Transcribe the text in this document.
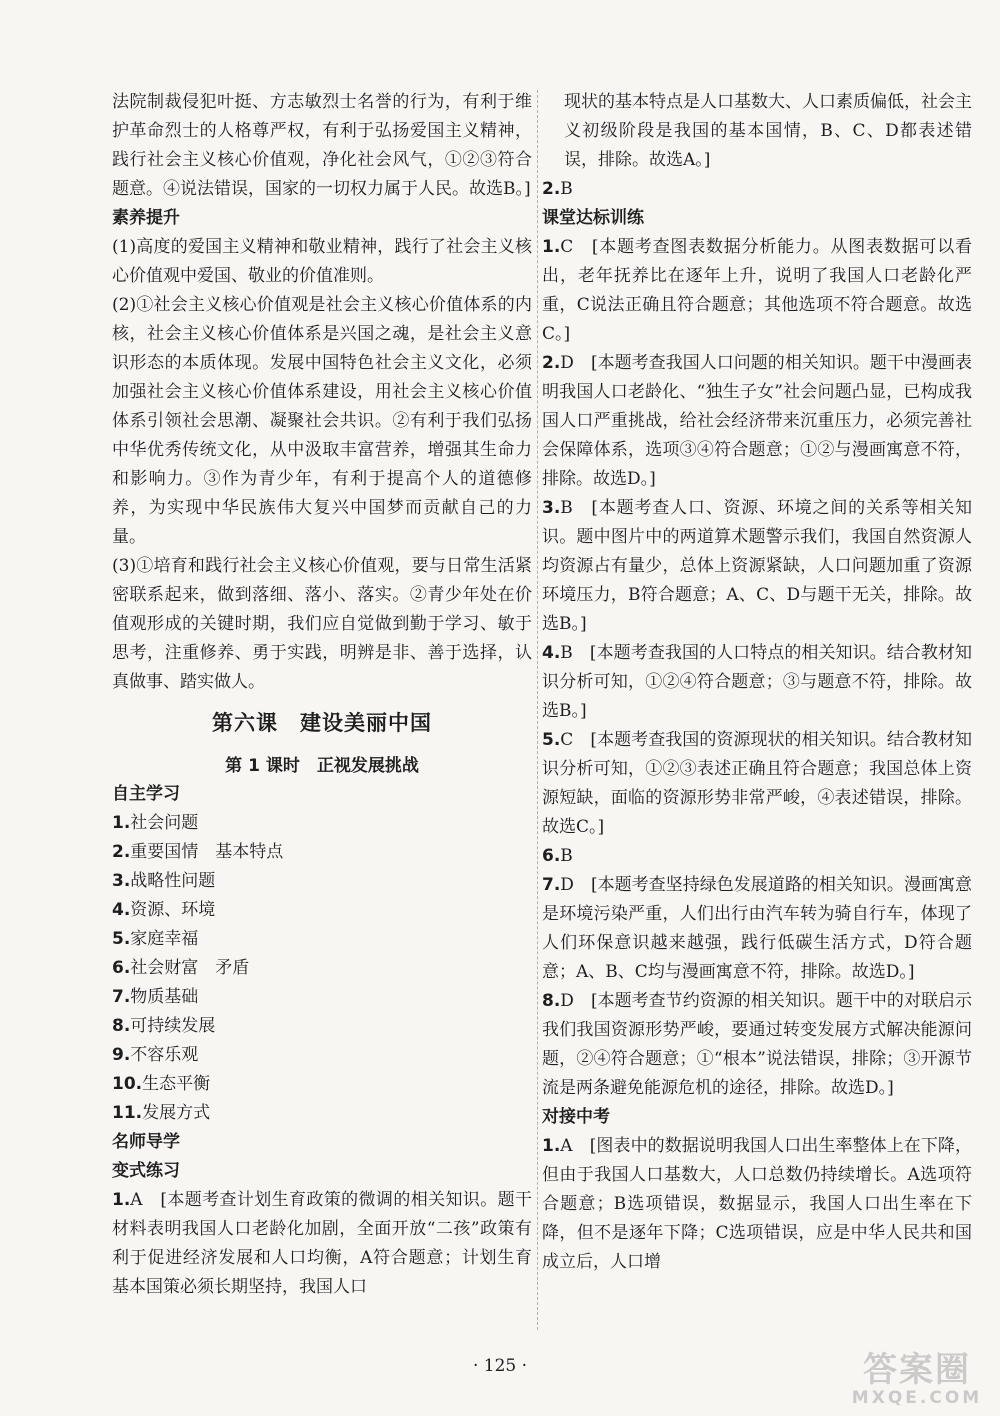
法院制裁侵犯叶挺、方志敏烈士名誉的行为，有利于维护革命烈士的人格尊严权，有利于弘扬爱国主义精神，践行社会主义核心价值观，净化社会风气，①②③符合题意。④说法错误，国家的一切权力属于人民。故选B。]

素养提升

(1)高度的爱国主义精神和敬业精神，践行了社会主义核心价值观中爱国、敬业的价值准则。

(2)①社会主义核心价值观是社会主义核心价值体系的内核，社会主义核心价值体系是兴国之魂，是社会主义意识形态的本质体现。发展中国特色社会主义文化，必须加强社会主义核心价值体系建设，用社会主义核心价值体系引领社会思潮、凝聚社会共识。②有利于我们弘扬中华优秀传统文化，从中汲取丰富营养，增强其生命力和影响力。③作为青少年，有利于提高个人的道德修养，为实现中华民族伟大复兴中国梦而贡献自己的力量。

(3)①培育和践行社会主义核心价值观，要与日常生活紧密联系起来，做到落细、落小、落实。②青少年处在价值观形成的关键时期，我们应自觉做到勤于学习、敏于思考，注重修养、勇于实践，明辨是非、善于选择，认真做事、踏实做人。

第六课　建设美丽中国
第 1 课时　正视发展挑战

自主学习

1.社会问题

2.重要国情　基本特点

3.战略性问题

4.资源、环境

5.家庭幸福

6.社会财富　矛盾

7.物质基础

8.可持续发展

9.不容乐观

10.生态平衡

11.发展方式

名师导学

变式练习

1.A　[本题考查计划生育政策的微调的相关知识。题干材料表明我国人口老龄化加剧，全面开放“二孩”政策有利于促进经济发展和人口均衡，A符合题意；计划生育基本国策必须长期坚持，我国人口

现状的基本特点是人口基数大、人口素质偏低，社会主义初级阶段是我国的基本国情，B、C、D都表述错误，排除。故选A。]

2.B

课堂达标训练

1.C　[本题考查图表数据分析能力。从图表数据可以看出，老年抚养比在逐年上升，说明了我国人口老龄化严重，C说法正确且符合题意；其他选项不符合题意。故选C。]

2.D　[本题考查我国人口问题的相关知识。题干中漫画表明我国人口老龄化、“独生子女”社会问题凸显，已构成我国人口严重挑战，给社会经济带来沉重压力，必须完善社会保障体系，选项③④符合题意；①②与漫画寓意不符，排除。故选D。]

3.B　[本题考查人口、资源、环境之间的关系等相关知识。题中图片中的两道算术题警示我们，我国自然资源人均资源占有量少，总体上资源紧缺，人口问题加重了资源环境压力，B符合题意；A、C、D与题干无关，排除。故选B。]

4.B　[本题考查我国的人口特点的相关知识。结合教材知识分析可知，①②④符合题意；③与题意不符，排除。故选B。]

5.C　[本题考查我国的资源现状的相关知识。结合教材知识分析可知，①②③表述正确且符合题意；我国总体上资源短缺，面临的资源形势非常严峻，④表述错误，排除。故选C。]

6.B

7.D　[本题考查坚持绿色发展道路的相关知识。漫画寓意是环境污染严重，人们出行由汽车转为骑自行车，体现了人们环保意识越来越强，践行低碳生活方式，D符合题意；A、B、C均与漫画寓意不符，排除。故选D。]

8.D　[本题考查节约资源的相关知识。题干中的对联启示我们我国资源形势严峻，要通过转变发展方式解决能源问题，②④符合题意；①“根本”说法错误，排除；③开源节流是两条避免能源危机的途径，排除。故选D。]

对接中考

1.A　[图表中的数据说明我国人口出生率整体上在下降，但由于我国人口基数大，人口总数仍持续增长。A选项符合题意；B选项错误，数据显示，我国人口出生率在下降，但不是逐年下降；C选项错误，应是中华人民共和国成立后，人口增

· 125 ·	答案圈
MXQE.COM
